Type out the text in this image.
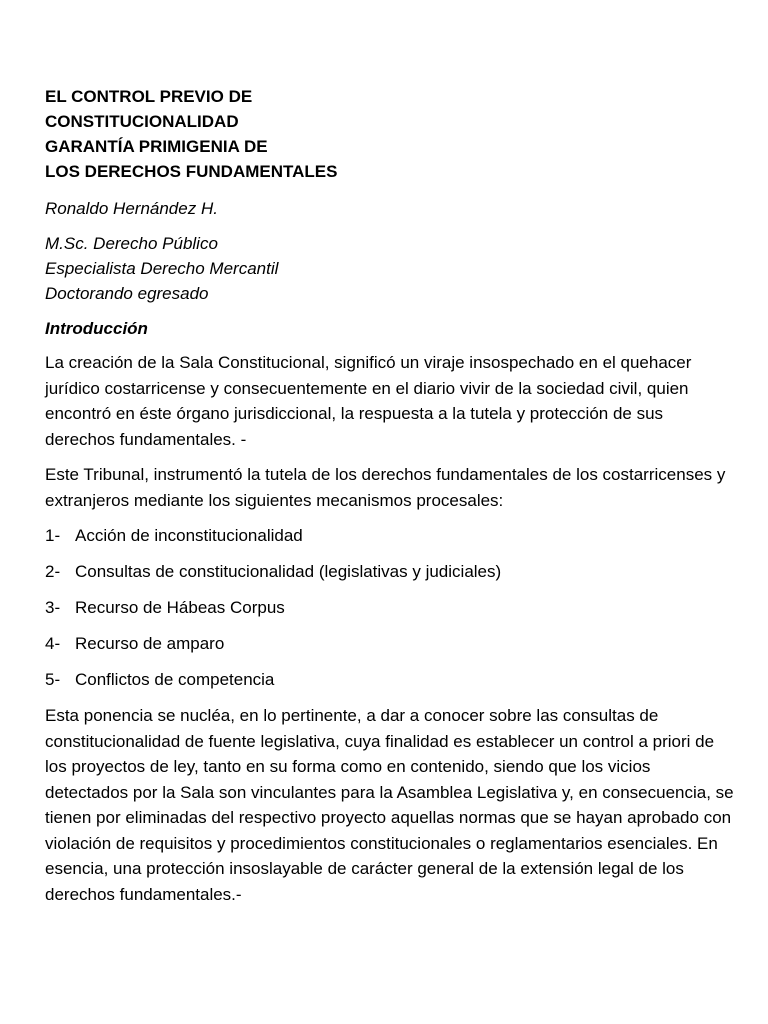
EL CONTROL PREVIO DE

CONSTITUCIONALIDAD

GARANTÍA PRIMIGENIA DE

LOS DERECHOS FUNDAMENTALES

Ronaldo Hernández H.

M.Sc. Derecho Público

Especialista Derecho Mercantil

Doctorando egresado

Introducción

La creación de la Sala Constitucional, significó un viraje insospechado en el quehacer jurídico costarricense y consecuentemente en el diario vivir de la sociedad civil, quien encontró en éste órgano jurisdiccional, la respuesta a la tutela y protección de sus derechos fundamentales. -

Este Tribunal, instrumentó la tutela de los derechos fundamentales de los costarricenses y extranjeros mediante los siguientes mecanismos procesales:

1- Acción de inconstitucionalidad
2- Consultas de constitucionalidad (legislativas y judiciales)
3- Recurso de Hábeas Corpus
4- Recurso de amparo
5- Conflictos de competencia

Esta ponencia se nucléa, en lo pertinente, a dar a conocer sobre las consultas de constitucionalidad de fuente legislativa, cuya finalidad es establecer un control a priori de los proyectos de ley, tanto en su forma como en contenido, siendo que los vicios detectados por la Sala son vinculantes para la Asamblea Legislativa y, en consecuencia, se tienen por eliminadas del respectivo proyecto aquellas normas que se hayan aprobado con violación de requisitos y procedimientos constitucionales o reglamentarios esenciales. En esencia, una protección insoslayable de carácter general de la extensión legal de los derechos fundamentales.-
